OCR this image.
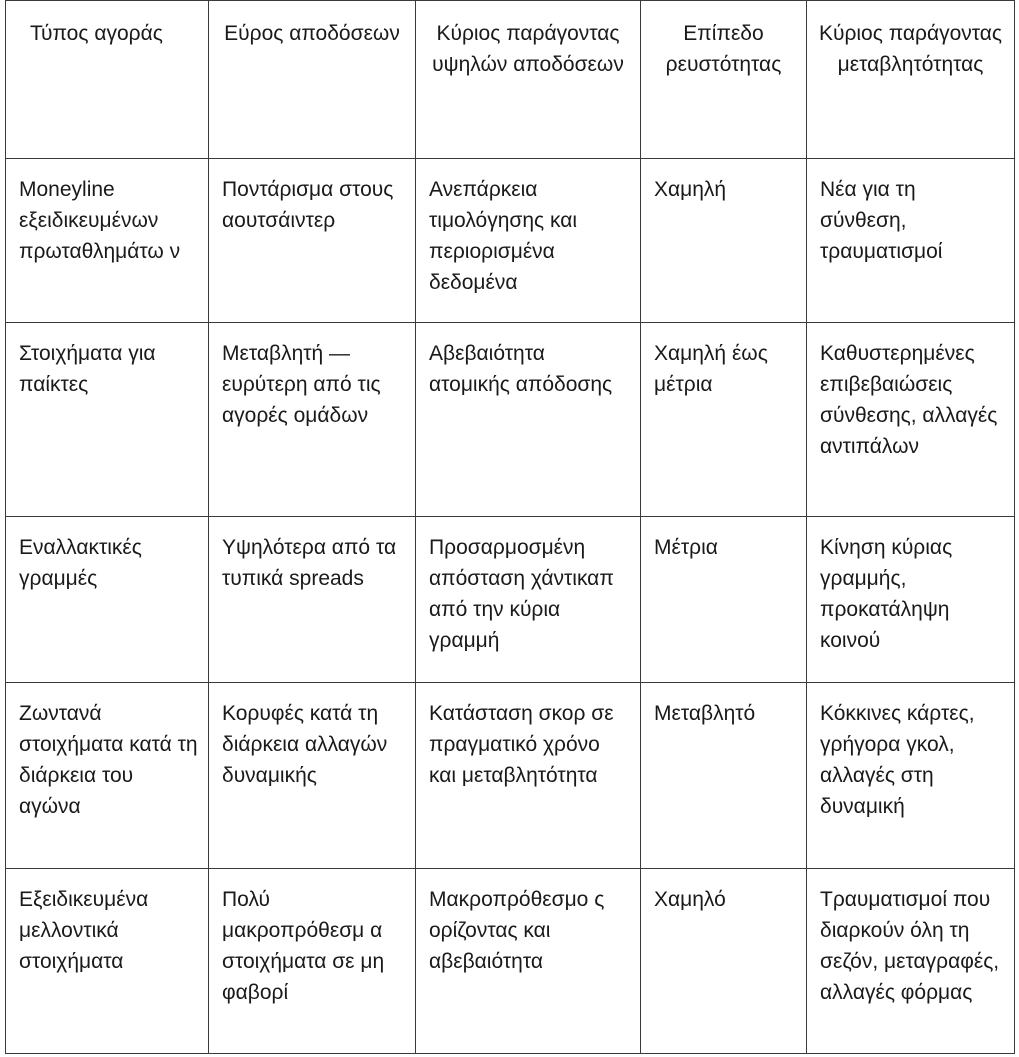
Τύπος αγοράς	Εύρος αποδόσεων	Κύριος παράγοντας υψηλών αποδόσεων	Επίπεδο ρευστότητας	Κύριος παράγοντας μεταβλητότητας
Moneyline εξειδικευμένων πρωταθλημάτω ν	Ποντάρισμα στους αουτσάιντερ	Ανεπάρκεια τιμολόγησης και περιορισμένα δεδομένα	Χαμηλή	Νέα για τη σύνθεση, τραυματισμοί
Στοιχήματα για παίκτες	Μεταβλητή — ευρύτερη από τις αγορές ομάδων	Αβεβαιότητα ατομικής απόδοσης	Χαμηλή έως μέτρια	Καθυστερημένες επιβεβαιώσεις σύνθεσης, αλλαγές αντιπάλων
Εναλλακτικές γραμμές	Υψηλότερα από τα τυπικά spreads	Προσαρμοσμένη απόσταση χάντικαπ από την κύρια γραμμή	Μέτρια	Κίνηση κύριας γραμμής, προκατάληψη κοινού
Ζωντανά στοιχήματα κατά τη διάρκεια του αγώνα	Κορυφές κατά τη διάρκεια αλλαγών δυναμικής	Κατάσταση σκορ σε πραγματικό χρόνο και μεταβλητότητα	Μεταβλητό	Κόκκινες κάρτες, γρήγορα γκολ, αλλαγές στη δυναμική
Εξειδικευμένα μελλοντικά στοιχήματα	Πολύ μακροπρόθεσμ α στοιχήματα σε μη φαβορί	Μακροπρόθεσμο ς ορίζοντας και αβεβαιότητα	Χαμηλό	Τραυματισμοί που διαρκούν όλη τη σεζόν, μεταγραφές, αλλαγές φόρμας
